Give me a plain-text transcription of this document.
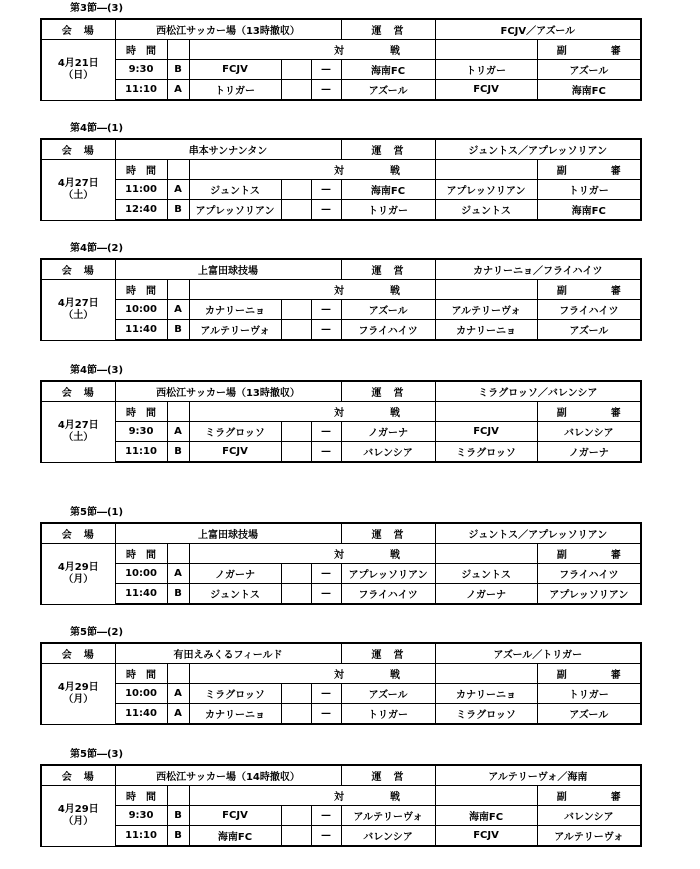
第3節―(3)
会　場	西松江サッカー場（13時撤収）					運　営	FCJV／アズール	

4月21日
（日）	時　間		対 戦					副 審
	9:30	B	FCJV		—	海南FC	トリガー	アズール
	11:10	A	トリガー		—	アズール	FCJV	海南FC
第4節―(1)
会　場	串本サンナンタン					運　営	ジュントス／アプレッソリアン	

4月27日
（土）	時　間		対 戦					副 審
	11:00	A	ジュントス		—	海南FC	アプレッソリアン	トリガー
	12:40	B	アプレッソリアン		—	トリガー	ジュントス	海南FC
第4節―(2)
会　場	上富田球技場					運　営	カナリーニョ／フライハイツ	

4月27日
（土）	時　間		対 戦					副 審
	10:00	A	カナリーニョ		—	アズール	アルテリーヴォ	フライハイツ
	11:40	B	アルテリーヴォ		—	フライハイツ	カナリーニョ	アズール
第4節―(3)
会　場	西松江サッカー場（13時撤収）					運　営	ミラグロッソ／バレンシア	

4月27日
（土）	時　間		対 戦					副 審
	9:30	A	ミラグロッソ		—	ノガーナ	FCJV	バレンシア
	11:10	B	FCJV		—	バレンシア	ミラグロッソ	ノガーナ
第5節―(1)
会　場	上富田球技場					運　営	ジュントス／アプレッソリアン	

4月29日
（月）	時　間		対 戦					副 審
	10:00	A	ノガーナ		—	アプレッソリアン	ジュントス	フライハイツ
	11:40	B	ジュントス		—	フライハイツ	ノガーナ	アプレッソリアン
第5節―(2)
会　場	有田えみくるフィールド					運　営	アズール／トリガー	

4月29日
（月）	時　間		対 戦					副 審
	10:00	A	ミラグロッソ		—	アズール	カナリーニョ	トリガー
	11:40	A	カナリーニョ		—	トリガー	ミラグロッソ	アズール
第5節―(3)
会　場	西松江サッカー場（14時撤収）					運　営	アルテリーヴォ／海南	

4月29日
（月）	時　間		対 戦					副 審
	9:30	B	FCJV		—	アルテリーヴォ	海南FC	バレンシア
	11:10	B	海南FC		—	バレンシア	FCJV	アルテリーヴォ
